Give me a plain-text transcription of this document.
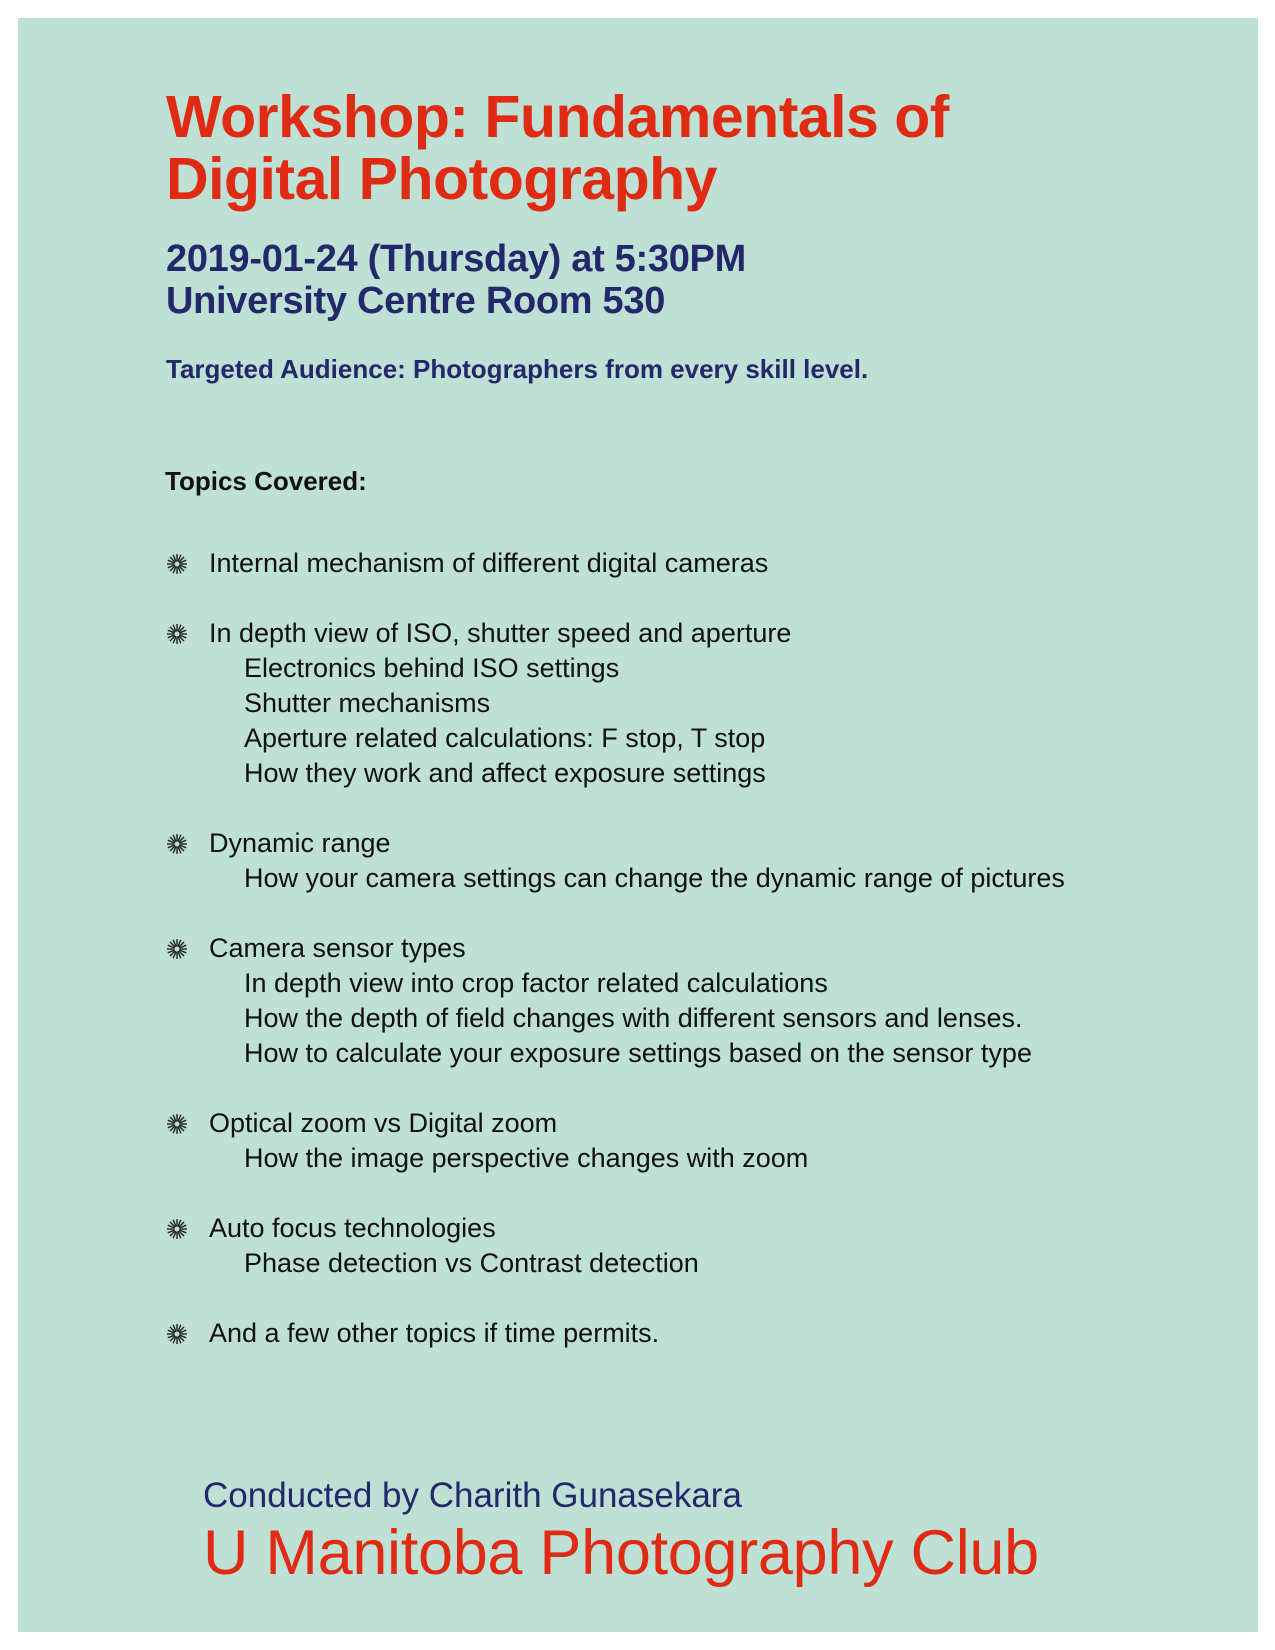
Workshop: Fundamentals of
Digital Photography
2019-01-24 (Thursday) at 5:30PM
University Centre Room 530
Targeted Audience: Photographers from every skill level.
Topics Covered:
Internal mechanism of different digital cameras
In depth view of ISO, shutter speed and aperture
Electronics behind ISO settings
Shutter mechanisms
Aperture related calculations: F stop, T stop
How they work and affect exposure settings
Dynamic range
How your camera settings can change the dynamic range of pictures
Camera sensor types
In depth view into crop factor related calculations
How the depth of field changes with different sensors and lenses.
How to calculate your exposure settings based on the sensor type
Optical zoom vs Digital zoom
How the image perspective changes with zoom
Auto focus technologies
Phase detection vs Contrast detection
And a few other topics if time permits.
Conducted by Charith Gunasekara
U Manitoba Photography Club
